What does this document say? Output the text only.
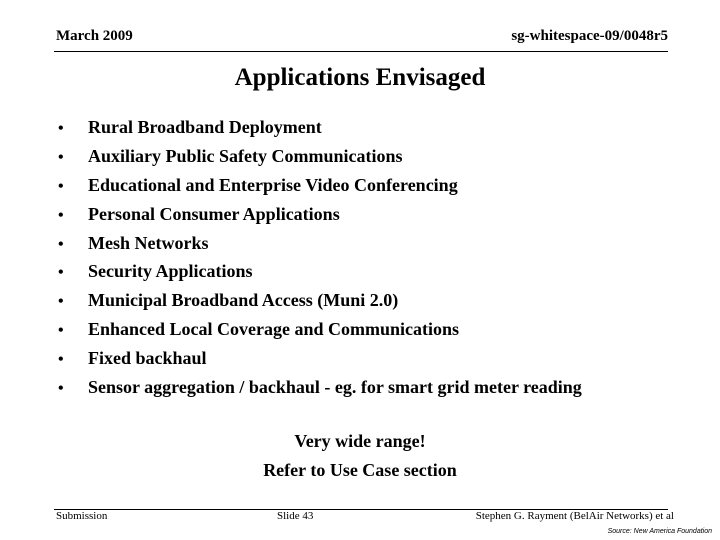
March 2009	sg-whitespace-09/0048r5
Applications Envisaged
•	Rural Broadband Deployment
•	Auxiliary Public Safety Communications
•	Educational and Enterprise Video Conferencing
•	Personal Consumer Applications
•	Mesh Networks
•	Security Applications
•	Municipal Broadband Access (Muni 2.0)
•	Enhanced Local Coverage and Communications
•	Fixed backhaul
•	Sensor aggregation / backhaul - eg. for smart grid meter reading
Very wide range!
Refer to Use Case section
Submission	Slide 43	Stephen G. Rayment (BelAir Networks) et al
Source: New America Foundation
